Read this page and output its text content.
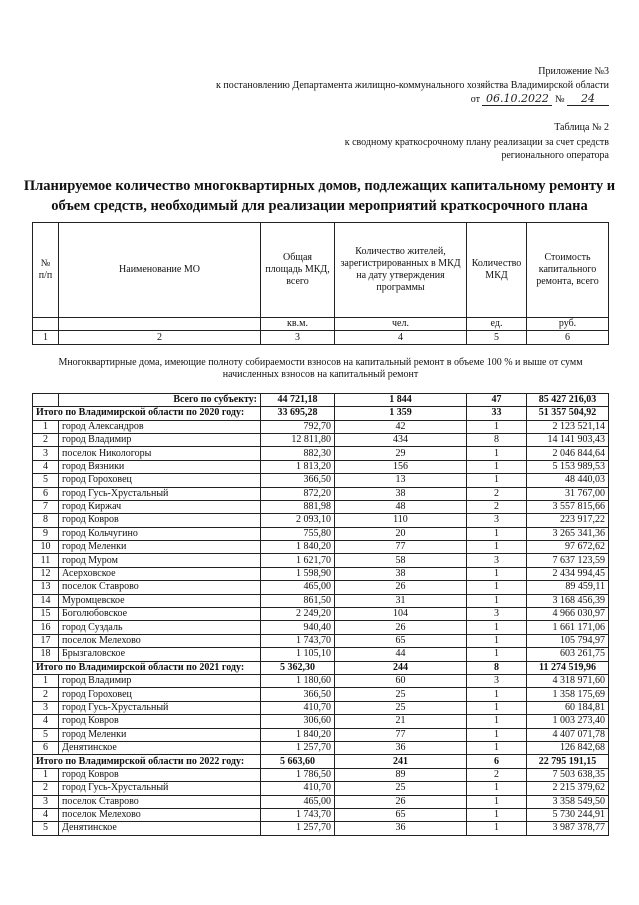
Приложение №3
к постановлению Департамента жилищно-коммунального хозяйства Владимирской области
от 06.10.2022 № 24
Таблица № 2
к сводному краткосрочному плану реализации за счет средств
регионального оператора
Планируемое количество многоквартирных домов, подлежащих капитальному ремонту и объем средств, необходимый для реализации мероприятий краткосрочного плана
№ п/п	Наименование МО	Общая площадь МКД, всего	Количество жителей, зарегистрированных в МКД на дату утверждения программы	Количество МКД	Стоимость капитального ремонта, всего
		кв.м.	чел.	ед.	руб.
1	2	3	4	5	6
Многоквартирные дома, имеющие полноту собираемости взносов на капитальный ремонт в объеме 100 % и выше от сумм начисленных взносов на капитальный ремонт					
	Всего по субъекту:	44 721,18	1 844	47	85 427 216,03
Итого по Владимирской области по 2020 году:		33 695,28	1 359	33	51 357 504,92
1	город Александров	792,70	42	1	2 123 521,14
2	город Владимир	12 811,80	434	8	14 141 903,43
3	поселок Никологоры	882,30	29	1	2 046 844,64
4	город Вязники	1 813,20	156	1	5 153 989,53
5	город Гороховец	366,50	13	1	48 440,03
6	город Гусь-Хрустальный	872,20	38	2	31 767,00
7	город Киржач	881,98	48	2	3 557 815,66
8	город Ковров	2 093,10	110	3	223 917,22
9	город Кольчугино	755,80	20	1	3 265 341,36
10	город Меленки	1 840,20	77	1	97 672,62
11	город Муром	1 621,70	58	3	7 637 123,59
12	Асерховское	1 598,90	38	1	2 434 994,45
13	поселок Ставрово	465,00	26	1	89 459,11
14	Муромцевское	861,50	31	1	3 168 456,39
15	Боголюбовское	2 249,20	104	3	4 966 030,97
16	город Суздаль	940,40	26	1	1 661 171,06
17	поселок Мелехово	1 743,70	65	1	105 794,97
18	Брызгаловское	1 105,10	44	1	603 261,75
Итого по Владимирской области по 2021 году:		5 362,30	244	8	11 274 519,96
1	город Владимир	1 180,60	60	3	4 318 971,60
2	город Гороховец	366,50	25	1	1 358 175,69
3	город Гусь-Хрустальный	410,70	25	1	60 184,81
4	город Ковров	306,60	21	1	1 003 273,40
5	город Меленки	1 840,20	77	1	4 407 071,78
6	Денятинское	1 257,70	36	1	126 842,68
Итого по Владимирской области по 2022 году:		5 663,60	241	6	22 795 191,15
1	город Ковров	1 786,50	89	2	7 503 638,35
2	город Гусь-Хрустальный	410,70	25	1	2 215 379,62
3	поселок Ставрово	465,00	26	1	3 358 549,50
4	поселок Мелехово	1 743,70	65	1	5 730 244,91
5	Денятинское	1 257,70	36	1	3 987 378,77
